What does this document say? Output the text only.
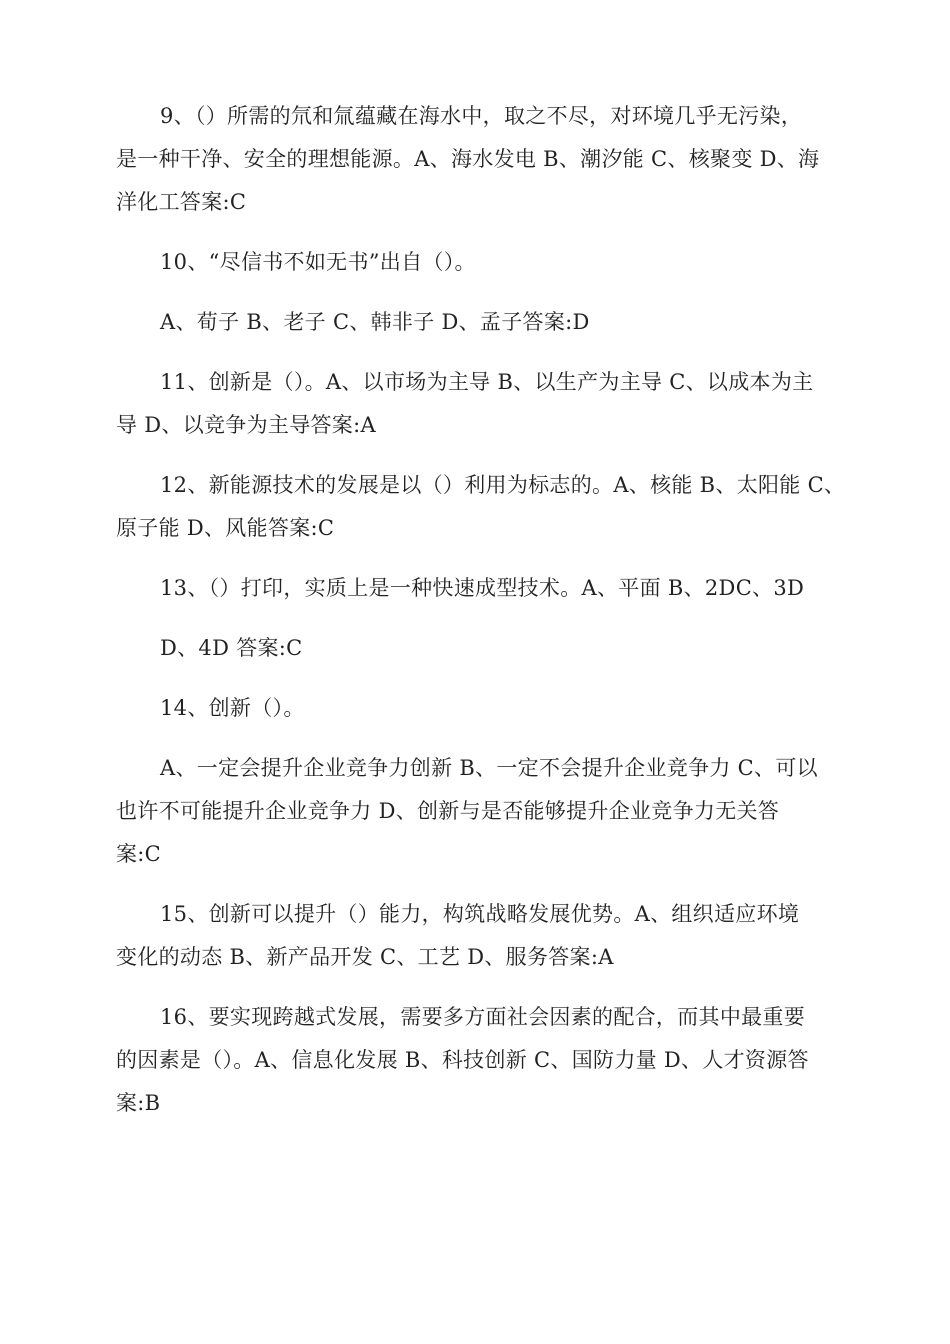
9、（）所需的氘和氚蕴藏在海水中，取之不尽，对环境几乎无污染，
是一种干净、安全的理想能源。A、海水发电 B、潮汐能 C、核聚变 D、海
洋化工答案:C

10、“尽信书不如无书”出自（）。

A、荀子 B、老子 C、韩非子 D、孟子答案:D

11、创新是（）。A、以市场为主导 B、以生产为主导 C、以成本为主
导 D、以竞争为主导答案:A

12、新能源技术的发展是以（）利用为标志的。A、核能 B、太阳能 C、
原子能 D、风能答案:C

13、（）打印，实质上是一种快速成型技术。A、平面 B、2DC、3D

D、4D 答案:C

14、创新（）。

A、一定会提升企业竞争力创新 B、一定不会提升企业竞争力 C、可以
也许不可能提升企业竞争力 D、创新与是否能够提升企业竞争力无关答
案:C

15、创新可以提升（）能力，构筑战略发展优势。A、组织适应环境
变化的动态 B、新产品开发 C、工艺 D、服务答案:A

16、要实现跨越式发展，需要多方面社会因素的配合，而其中最重要
的因素是（）。A、信息化发展 B、科技创新 C、国防力量 D、人才资源答
案:B
